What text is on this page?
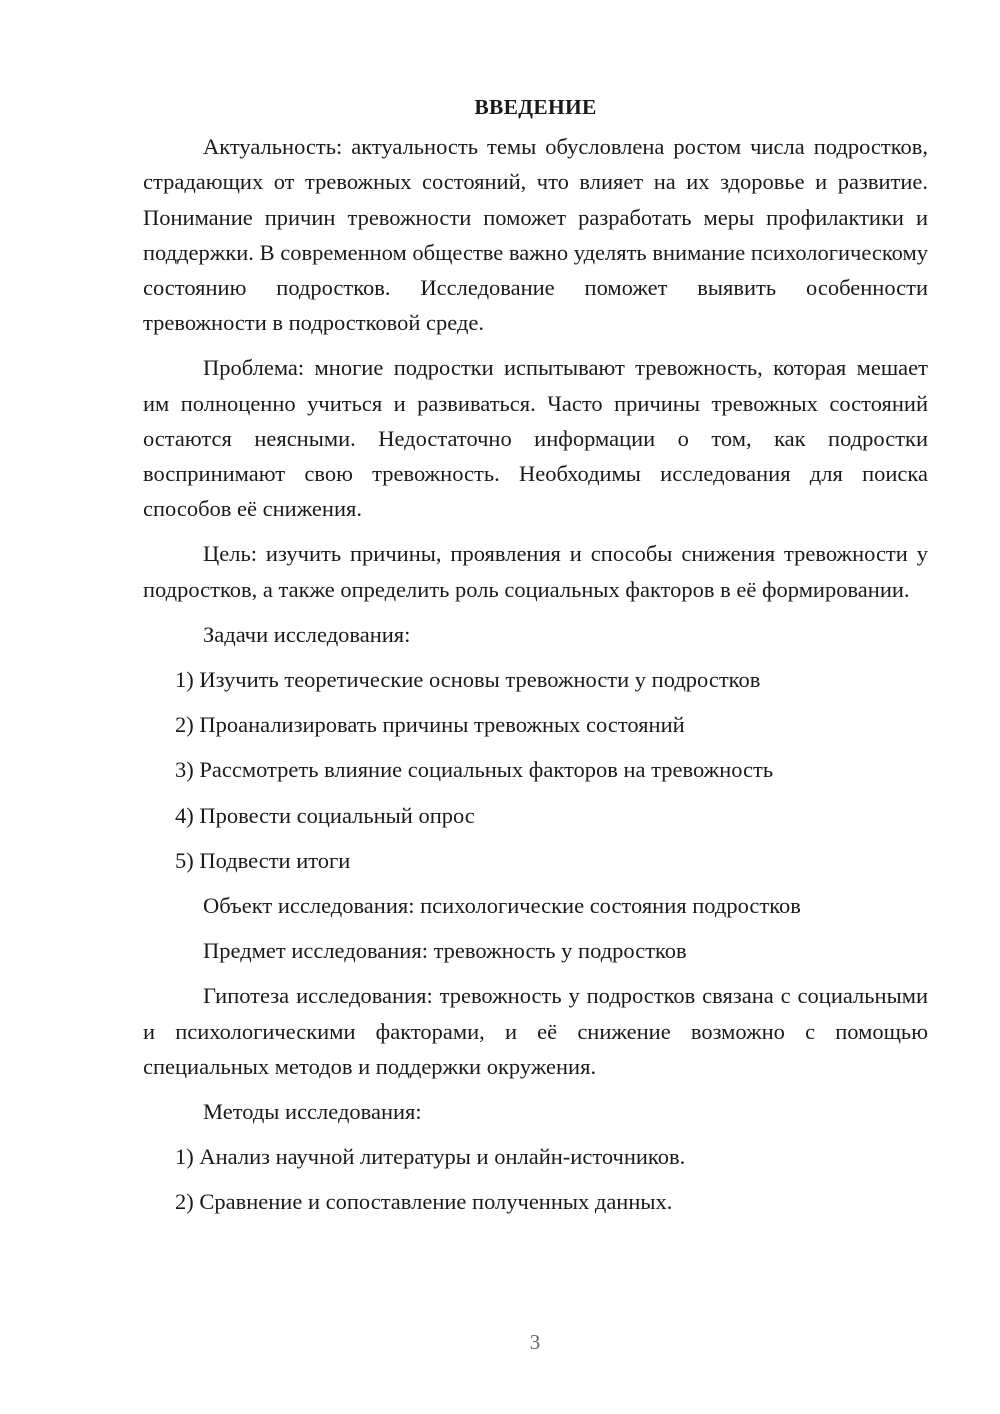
ВВЕДЕНИЕ

Актуальность: актуальность темы обусловлена ростом числа подростков, страдающих от тревожных состояний, что влияет на их здоровье и развитие. Понимание причин тревожности поможет разработать меры профилактики и поддержки. В современном обществе важно уделять внимание психологическому состоянию подростков. Исследование поможет выявить особенности тревожности в подростковой среде.

Проблема: многие подростки испытывают тревожность, которая мешает им полноценно учиться и развиваться. Часто причины тревожных состояний остаются неясными. Недостаточно информации о том, как подростки воспринимают свою тревожность. Необходимы исследования для поиска способов её снижения.

Цель: изучить причины, проявления и способы снижения тревожности у подростков, а также определить роль социальных факторов в её формировании.

Задачи исследования:
1) Изучить теоретические основы тревожности у подростков
2) Проанализировать причины тревожных состояний
3) Рассмотреть влияние социальных факторов на тревожность
4) Провести социальный опрос
5) Подвести итоги
Объект исследования: психологические состояния подростков
Предмет исследования: тревожность у подростков

Гипотеза исследования: тревожность у подростков связана с социальными и психологическими факторами, и её снижение возможно с помощью специальных методов и поддержки окружения.

Методы исследования:
1) Анализ научной литературы и онлайн-источников.
2) Сравнение и сопоставление полученных данных.
3
